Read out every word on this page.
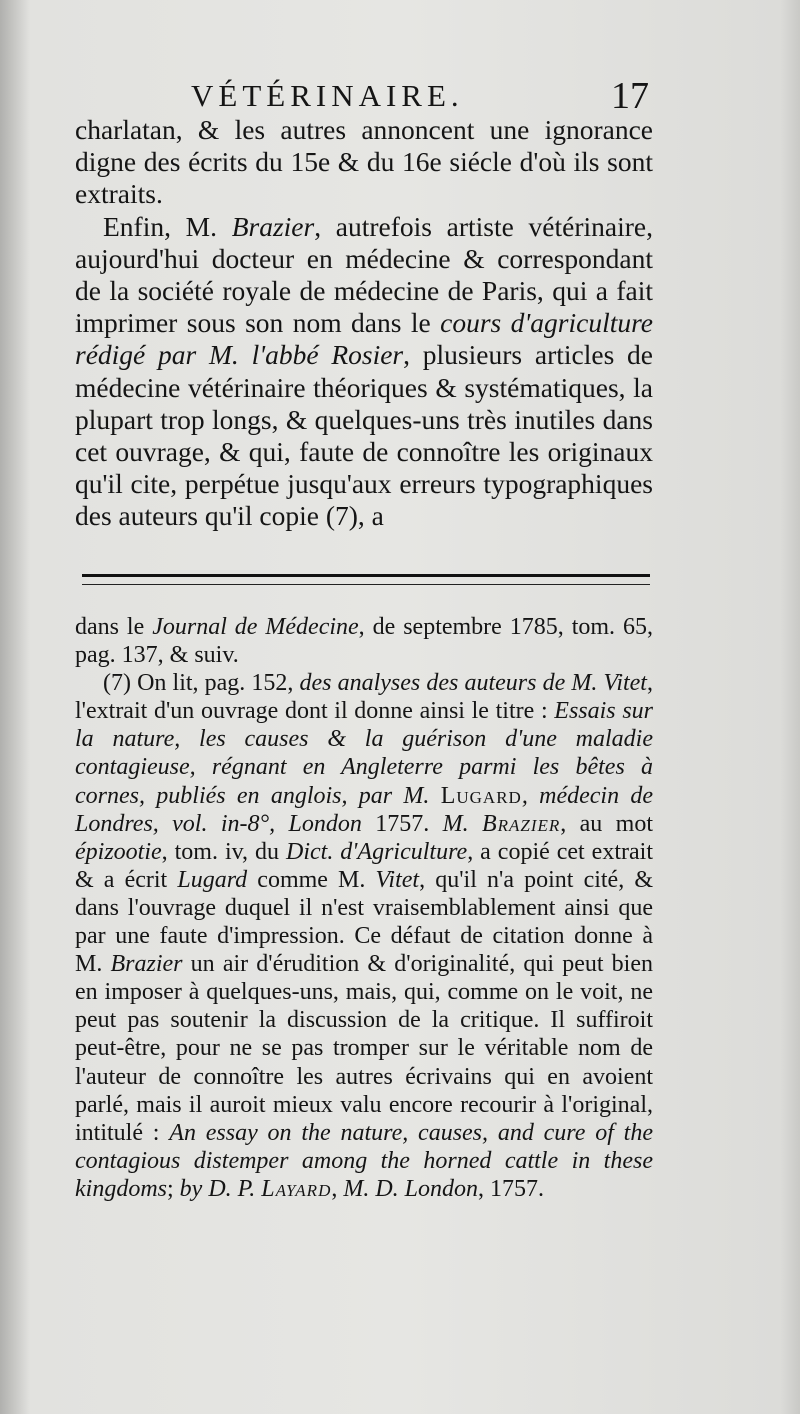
VÉTÉRINAIRE.	17

charlatan, & les autres annoncent une ignorance digne des écrits du 15e & du 16e siécle d'où ils sont extraits.

Enfin, M. Brazier, autrefois artiste vétérinaire, aujourd'hui docteur en médecine & correspondant de la société royale de médecine de Paris, qui a fait imprimer sous son nom dans le cours d'agriculture rédigé par M. l'abbé Rosier, plusieurs articles de médecine vétérinaire théoriques & systématiques, la plupart trop longs, & quelques-uns très inutiles dans cet ouvrage, & qui, faute de connoître les originaux qu'il cite, perpétue jusqu'aux erreurs typographiques des auteurs qu'il copie (7), a

dans le Journal de Médecine, de septembre 1785, tom. 65, pag. 137, & suiv.

(7) On lit, pag. 152, des analyses des auteurs de M. Vitet, l'extrait d'un ouvrage dont il donne ainsi le titre : Essais sur la nature, les causes & la guérison d'une maladie contagieuse, régnant en Angleterre parmi les bêtes à cornes, publiés en anglois, par M. Lugard, médecin de Londres, vol. in-8°, London 1757. M. Brazier, au mot épizootie, tom. iv, du Dict. d'Agriculture, a copié cet extrait & a écrit Lugard comme M. Vitet, qu'il n'a point cité, & dans l'ouvrage duquel il n'est vraisemblablement ainsi que par une faute d'impression. Ce défaut de citation donne à M. Brazier un air d'érudition & d'originalité, qui peut bien en imposer à quelques-uns, mais, qui, comme on le voit, ne peut pas soutenir la discussion de la critique. Il suffiroit peut-être, pour ne se pas tromper sur le véritable nom de l'auteur de connoître les autres écrivains qui en avoient parlé, mais il auroit mieux valu encore recourir à l'original, intitulé : An essay on the nature, causes, and cure of the contagious distemper among the horned cattle in these kingdoms; by D. P. Layard, M. D. London, 1757.
